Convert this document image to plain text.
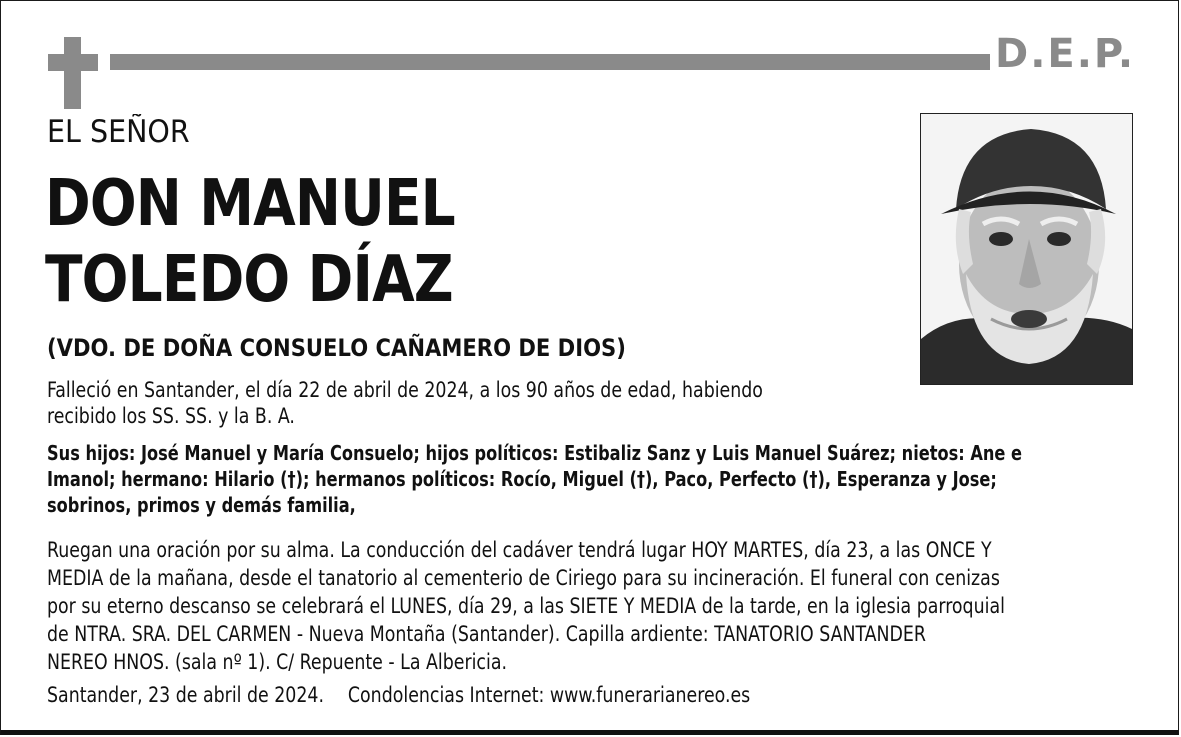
D.E.P.
EL SEÑOR
DON MANUEL
TOLEDO DÍAZ
(VDO. DE DOÑA CONSUELO CAÑAMERO DE DIOS)
Falleció en Santander, el día 22 de abril de 2024, a los 90 años de edad, habiendo
recibido los SS. SS. y la B. A.
Sus hijos: José Manuel y María Consuelo; hijos políticos: Estibaliz Sanz y Luis Manuel Suárez; nietos: Ane e
Imanol; hermano: Hilario (†); hermanos políticos: Rocío, Miguel (†), Paco, Perfecto (†), Esperanza y Jose;
sobrinos, primos y demás familia,
Ruegan una oración por su alma. La conducción del cadáver tendrá lugar HOY MARTES, día 23, a las ONCE Y
MEDIA de la mañana, desde el tanatorio al cementerio de Ciriego para su incineración. El funeral con cenizas
por su eterno descanso se celebrará el LUNES, día 29, a las SIETE Y MEDIA de la tarde, en la iglesia parroquial
de NTRA. SRA. DEL CARMEN - Nueva Montaña (Santander). Capilla ardiente: TANATORIO SANTANDER
NEREO HNOS. (sala nº 1). C/ Repuente - La Albericia.
Santander, 23 de abril de 2024. Condolencias Internet: www.funerarianereo.es
